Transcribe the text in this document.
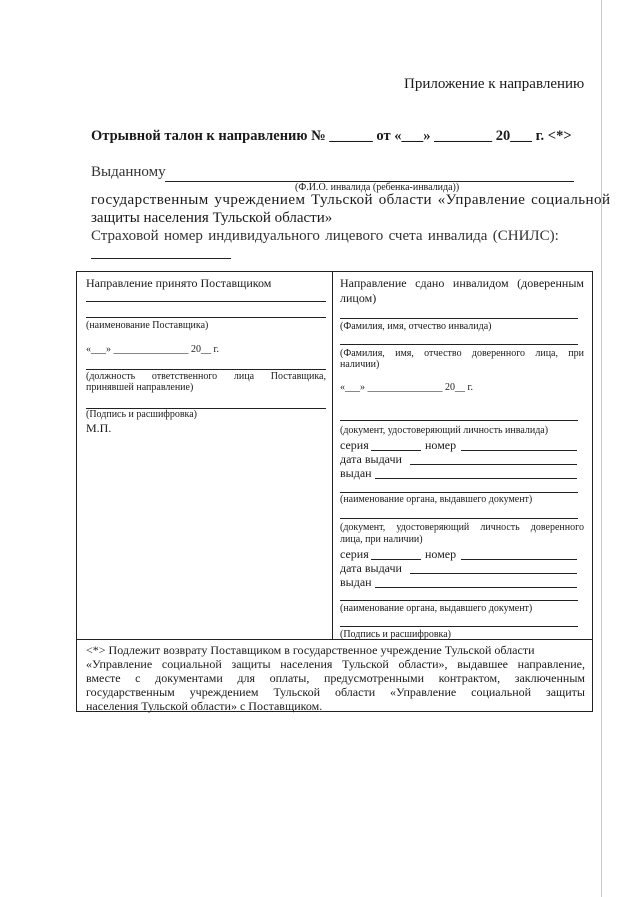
Приложение к направлению
Отрывной талон к направлению № ______ от «___» ________ 20___ г. <*>
Выданному
(Ф.И.О. инвалида (ребенка-инвалида))
государственным учреждением Тульской области «Управление социальной
защиты населения Тульской области»
Страховой номер индивидуального лицевого счета инвалида (СНИЛС):
Направление принято Поставщиком
(наименование Поставщика)
«___» _______________ 20__ г.
(должность ответственного лица Поставщика,
принявшей направление)
(Подпись и расшифровка)
М.П.
Направление сдано инвалидом (доверенным
лицом)
(Фамилия, имя, отчество инвалида)
(Фамилия, имя, отчество доверенного лица, при
наличии)
«___» _______________ 20__ г.
(документ, удостоверяющий личность инвалида)
серия	номер
дата выдачи
выдан
(наименование органа, выдавшего документ)
(документ, удостоверяющий личность доверенного
лица, при наличии)
серия	номер
дата выдачи
выдан
(наименование органа, выдавшего документ)
(Подпись и расшифровка)
<*> Подлежит возврату Поставщиком в государственное учреждение Тульской области
«Управление социальной защиты населения Тульской области», выдавшее направление,
вместе с документами для оплаты, предусмотренными контрактом, заключенным
государственным учреждением Тульской области «Управление социальной защиты
населения Тульской области» с Поставщиком.
